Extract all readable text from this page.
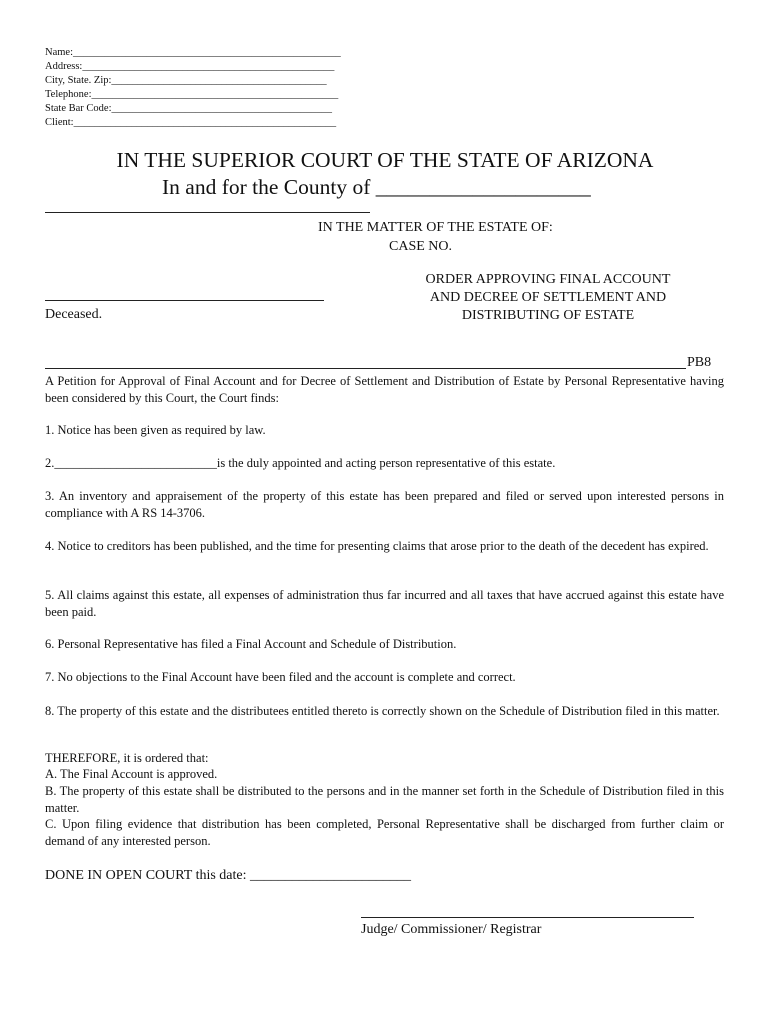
Name:___________________________________________________
Address:________________________________________________
City, State. Zip:_________________________________________
Telephone:_______________________________________________
State Bar Code:__________________________________________
Client:__________________________________________________
IN THE SUPERIOR COURT OF THE STATE OF ARIZONA
In and for the County of ____________________
IN THE MATTER OF THE ESTATE OF:
CASE NO.
ORDER APPROVING FINAL ACCOUNT
AND DECREE OF SETTLEMENT AND
DISTRIBUTING OF ESTATE
Deceased.
PB8
A Petition for Approval of Final Account and for Decree of Settlement and Distribution of Estate by Personal Representative having been considered by this Court, the Court finds:
1. Notice has been given as required by law.
2.__________________________is the duly appointed and acting person representative of this estate.
3. An inventory and appraisement of the property of this estate has been prepared and filed or served upon interested persons in compliance with A RS 14-3706.
4. Notice to creditors has been published, and the time for presenting claims that arose prior to the death of the decedent has expired.
5. All claims against this estate, all expenses of administration thus far incurred and all taxes that have accrued against this estate have been paid.
6. Personal Representative has filed a Final Account and Schedule of Distribution.
7. No objections to the Final Account have been filed and the account is complete and correct.
8. The property of this estate and the distributees entitled thereto is correctly shown on the Schedule of Distribution filed in this matter.
THEREFORE, it is ordered that:
A. The Final Account is approved.
B. The property of this estate shall be distributed to the persons and in the manner set forth in the Schedule of Distribution filed in this matter.
C. Upon filing evidence that distribution has been completed, Personal Representative shall be discharged from further claim or demand of any interested person.
DONE IN OPEN COURT this date: _______________________
Judge/ Commissioner/ Registrar
